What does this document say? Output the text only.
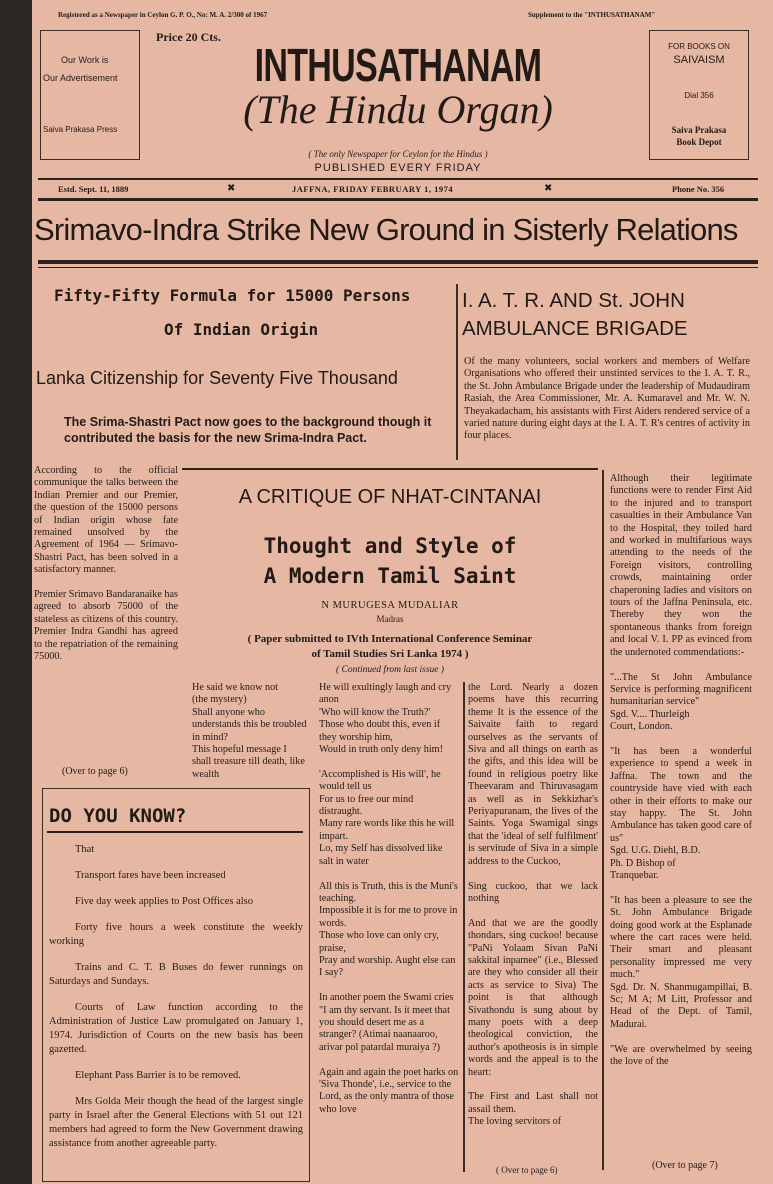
Registered as a Newspaper in Ceylon G. P. O., No: M. A. 2/300 of 1967	Supplement to the "INTHUSATHANAM"
Our Work is
Our Advertisement
Saiva Prakasa Press
Price 20 Cts.
INTHUSATHANAM
(The Hindu Organ)
( The only Newspaper for Ceylon for the Hindus )
PUBLISHED EVERY FRIDAY
FOR BOOKS ON
SAIVAISM
Dial 356
Saiva Prakasa
Book Depot
Estd. Sept. 11, 1889	✖	JAFFNA, FRIDAY FEBRUARY 1, 1974	✖	Phone No. 356
Srimavo-Indra Strike New Ground in Sisterly Relations
Fifty-Fifty Formula for 15000 Persons
Of Indian Origin
Lanka Citizenship for Seventy Five Thousand
The Srima-Shastri Pact now goes to the background though it contributed the basis for the new Srima-Indra Pact.
According to the official communique the talks between the Indian Premier and our Premier, the question of the 15000 persons of Indian origin whose fate remained unsolved by the Agreement of 1964 — Srimavo-Shastri Pact, has been solved in a satisfactory manner.

Premier Srimavo Bandaranaike has agreed to absorb 75000 of the stateless as citizens of this country. Premier Indra Gandhi has agreed to the repatriation of the remaining 75000.
(Over to page 6)
I. A. T. R. AND St. JOHN
AMBULANCE BRIGADE
Of the many volunteers, social workers and members of Welfare Organisations who offered their unstinted services to the I. A. T. R., the St. John Ambulance Brigade under the leadership of Mudaudiram Rasiah, the Area Commissioner, Mr. A. Kumaravel and Mr. W. N. Theyakadacham, his assistants with First Aiders rendered service of a varied nature during eight days at the I. A. T. R's centres of activity in four places.
Although their legitimate functions were to render First Aid to the injured and to transport casualties in their Ambulance Van to the Hospital, they toiled hard and worked in multifarious ways attending to the needs of the Foreign visitors, controlling crowds, maintaining order chaperoning ladies and visitors on tours of the Jaffna Peninsula, etc. Thereby they won the spontaneous thanks from foreign and local V. I. PP as evinced from the undernoted commendations:-

"...The St John Ambulance Service is performing magnificent humanitarian service"
Sgd. V.... Thurleigh
Court, London.

"It has been a wonderful experience to spend a week in Jaffna. The town and the countryside have vied with each other in their efforts to make our stay happy. The St. John Ambulance has taken good care of us"
Sgd. U.G. Diehl, B.D.
Ph. D Bishop of
Tranquebar.

"It has been a pleasure to see the St. John Ambulance Brigade doing good work at the Esplanade where the cart races were held. Their smart and pleasant personality impressed me very much."
Sgd. Dr. N. Shanmugampillai, B. Sc; M A; M Litt, Professor and Head of the Dept. of Tamil, Madurai.

"We are overwhelmed by seeing the love of the
(Over to page 7)
A CRITIQUE OF NHAT-CINTANAI
Thought and Style of
A Modern Tamil Saint
N MURUGESA MUDALIAR
Madras
( Paper submitted to IVth International Conference Seminar
of Tamil Studies Sri Lanka 1974 )
( Continued from last issue )
He said we know not
(the mystery)
Shall anyone who understands this be troubled in mind?
This hopeful message I shall treasure till death, like wealth
He will exultingly laugh and cry anon
'Who will know the Truth?'
Those who doubt this, even if they worship him,
Would in truth only deny him!

'Accomplished is His will', he would tell us
For us to free our mind distraught.
Many rare words like this he will impart.
Lo, my Self has dissolved like salt in water

All this is Truth, this is the Muni's teaching.
Impossible it is for me to prove in words.
Those who love can only cry, praise,
Pray and worship. Aught else can I say?

In another poem the Swami cries "I am thy servant. Is it meet that you should desert me as a stranger? (Atimai naanaaroo, arivar pol patardal muraiya ?)

Again and again the poet harks on 'Siva Thonde', i.e., service to the Lord, as the only mantra of those who love
the Lord. Nearly a dozen poems have this recurring theme It is the essence of the Saivaite faith to regard ourselves as the servants of Siva and all things on earth as the gifts, and this idea will be found in religious poetry like Theevaram and Thiruvasagam as well as in Sekkizhar's Periyapuranam, the lives of the Saints. Yoga Swamigal sings that the 'ideal of self fulfilment' is servitude of Siva in a simple address to the Cuckoo,

Sing cuckoo, that we lack nothing

And that we are the goodly thondars, sing cuckoo! because "PaNi Yolaam Sivan PaNi sakkital inpamee" (i.e., Blessed are they who consider all their acts as service to Siva) The point is that although Sivathondu is sung about by many poets with a deep theological conviction, the author's apotheosis is in simple words and the appeal is to the heart:

The First and Last shall not assail them.
The loving servitors of
( Over to page 6)
DO YOU KNOW?

That

Transport fares have been increased

Five day week applies to Post Offices also

Forty five hours a week constitute the weekly working

Trains and C. T. B Buses do fewer runnings on Saturdays and Sundays.

Courts of Law function according to the Administration of Justice Law promulgated on January 1, 1974. Jurisdiction of Courts on the new basis has been gazetted.

Elephant Pass Barrier is to be removed.

Mrs Golda Meir though the head of the largest single party in Israel after the General Elections with 51 out 121 members had agreed to form the New Government drawing assistance from another agreeable party.
